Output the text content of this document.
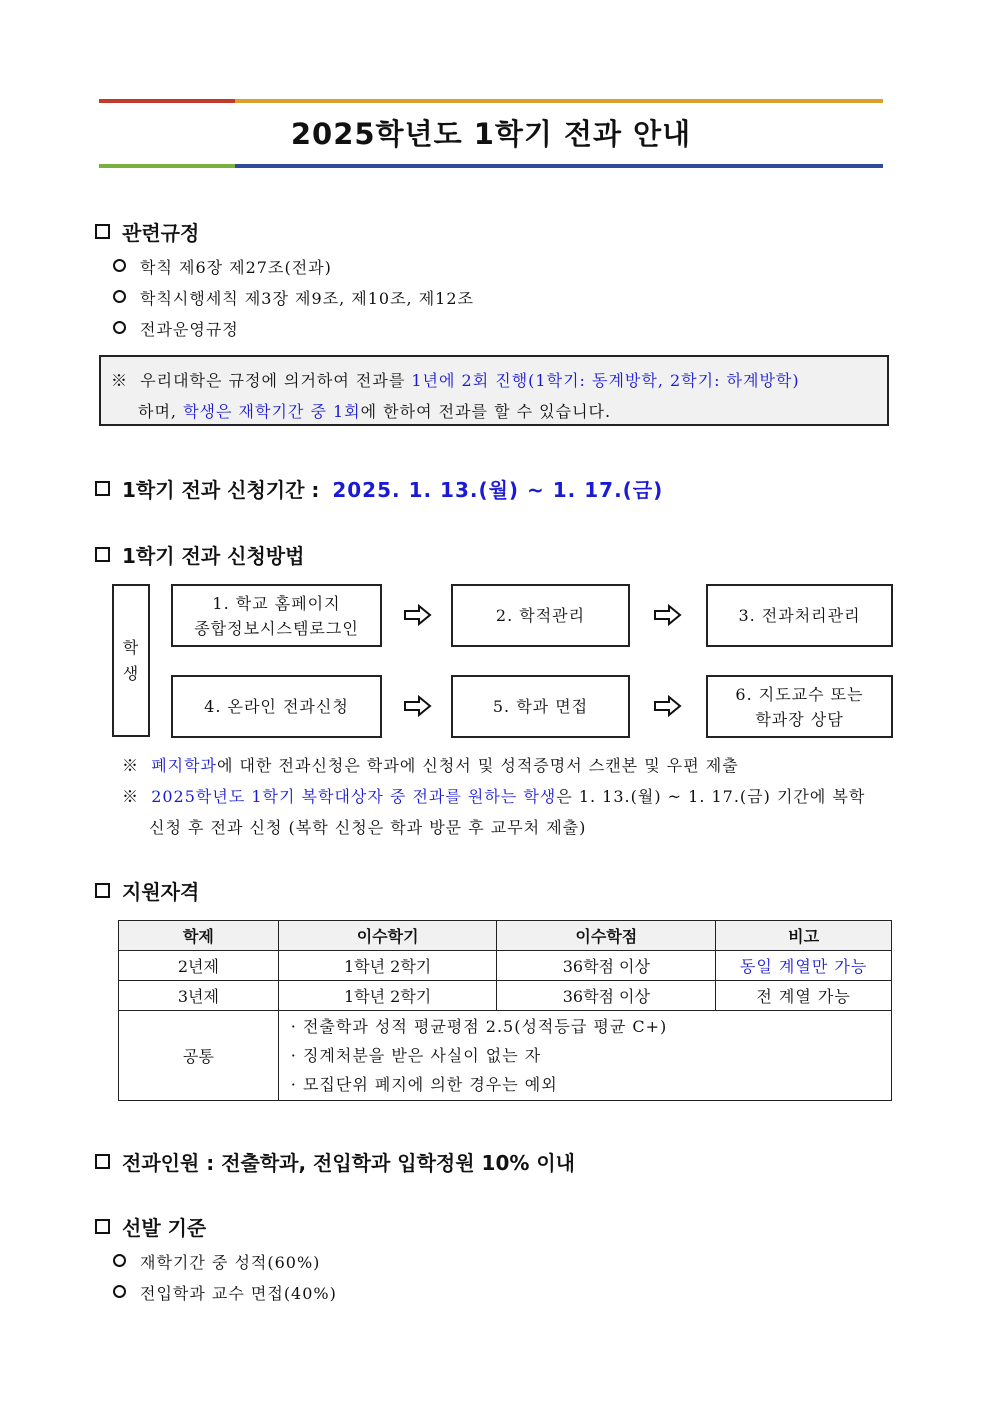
2025학년도 1학기 전과 안내
관련규정
학칙 제6장 제27조(전과)
학칙시행세칙 제3장 제9조, 제10조, 제12조
전과운영규정
※ 우리대학은 규정에 의거하여 전과를 1년에 2회 진행(1학기: 동계방학, 2학기: 하계방학)
하며, 학생은 재학기간 중 1회에 한하여 전과를 할 수 있습니다.
1학기 전과 신청기간 : 2025. 1. 13.(월) ~ 1. 17.(금)
1학기 전과 신청방법
학생
1. 학교 홈페이지
종합정보시스템로그인
2. 학적관리	3. 전과처리관리
4. 온라인 전과신청	5. 학과 면접
6. 지도교수 또는
학과장 상담
※ 폐지학과에 대한 전과신청은 학과에 신청서 및 성적증명서 스캔본 및 우편 제출
※ 2025학년도 1학기 복학대상자 중 전과를 원하는 학생은 1. 13.(월) ~ 1. 17.(금) 기간에 복학
신청 후 전과 신청 (복학 신청은 학과 방문 후 교무처 제출)
지원자격
학제	이수학기	이수학점	비고
2년제	1학년 2학기	36학점 이상	동일 계열만 가능
3년제	1학년 2학기	36학점 이상	전 계열 가능
공통	· 전출학과 성적 평균평점 2.5(성적등급 평균 C+)
· 징계처분을 받은 사실이 없는 자
· 모집단위 폐지에 의한 경우는 예외		
전과인원 : 전출학과, 전입학과 입학정원 10% 이내
선발 기준
재학기간 중 성적(60%)
전입학과 교수 면접(40%)
